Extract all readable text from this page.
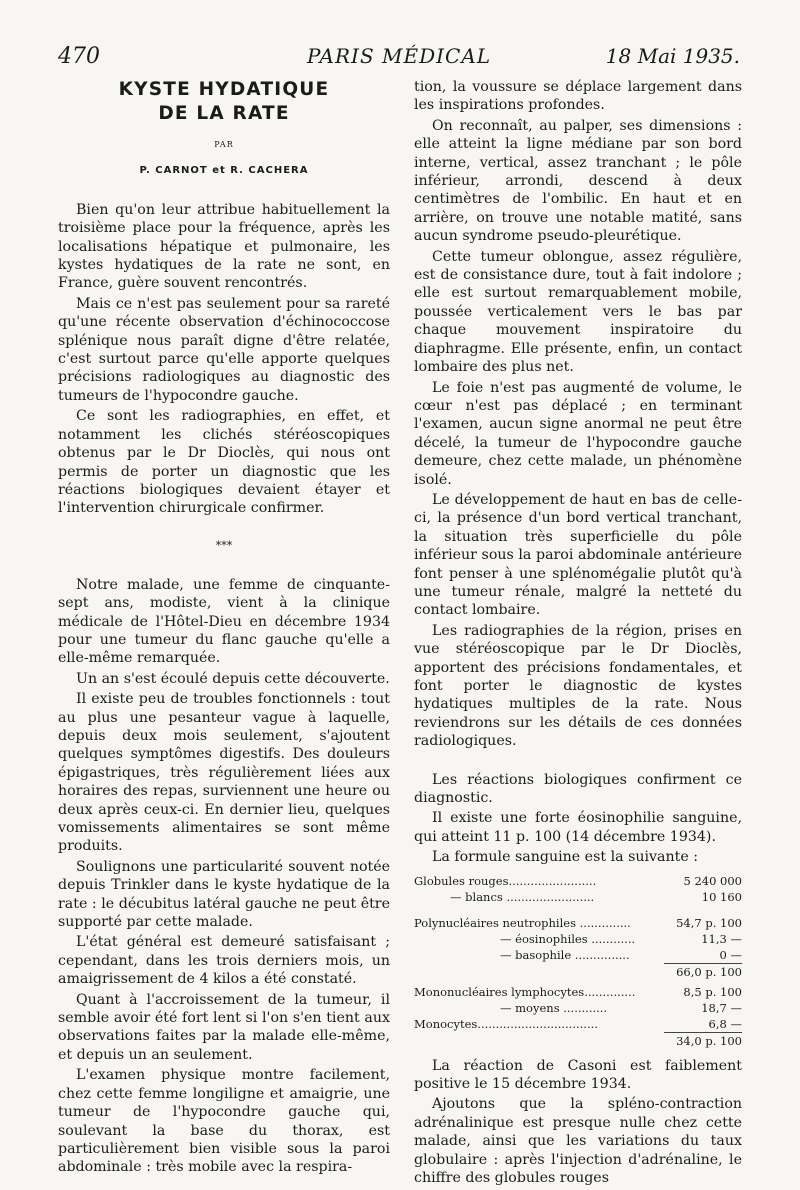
470	PARIS MÉDICAL	18 Mai 1935.
KYSTE HYDATIQUE
DE LA RATE
PAR
P. CARNOT et R. CACHERA

Bien qu'on leur attribue habituellement la troisième place pour la fréquence, après les localisations hépatique et pulmonaire, les kystes hydatiques de la rate ne sont, en France, guère souvent rencontrés.

Mais ce n'est pas seulement pour sa rareté qu'une récente observation d'échinococcose splénique nous paraît digne d'être relatée, c'est surtout parce qu'elle apporte quelques précisions radiologiques au diagnostic des tumeurs de l'hypocondre gauche.

Ce sont les radiographies, en effet, et notamment les clichés stéréoscopiques obtenus par le Dr Dioclès, qui nous ont permis de porter un diagnostic que les réactions biologiques devaient étayer et l'intervention chirurgicale confirmer.

***

Notre malade, une femme de cinquante-sept ans, modiste, vient à la clinique médicale de l'Hôtel-Dieu en décembre 1934 pour une tumeur du flanc gauche qu'elle a elle-même remarquée.

Un an s'est écoulé depuis cette découverte.

Il existe peu de troubles fonctionnels : tout au plus une pesanteur vague à laquelle, depuis deux mois seulement, s'ajoutent quelques symptômes digestifs. Des douleurs épigastriques, très régulièrement liées aux horaires des repas, surviennent une heure ou deux après ceux-ci. En dernier lieu, quelques vomissements alimentaires se sont même produits.

Soulignons une particularité souvent notée depuis Trinkler dans le kyste hydatique de la rate : le décubitus latéral gauche ne peut être supporté par cette malade.

L'état général est demeuré satisfaisant ; cependant, dans les trois derniers mois, un amaigrissement de 4 kilos a été constaté.

Quant à l'accroissement de la tumeur, il semble avoir été fort lent si l'on s'en tient aux observations faites par la malade elle-même, et depuis un an seulement.

L'examen physique montre facilement, chez cette femme longiligne et amaigrie, une tumeur de l'hypocondre gauche qui, soulevant la base du thorax, est particulièrement bien visible sous la paroi abdominale : très mobile avec la respira-

tion, la voussure se déplace largement dans les inspirations profondes.

On reconnaît, au palper, ses dimensions : elle atteint la ligne médiane par son bord interne, vertical, assez tranchant ; le pôle inférieur, arrondi, descend à deux centimètres de l'ombilic. En haut et en arrière, on trouve une notable matité, sans aucun syndrome pseudo-pleurétique.

Cette tumeur oblongue, assez régulière, est de consistance dure, tout à fait indolore ; elle est surtout remarquablement mobile, poussée verticalement vers le bas par chaque mouvement inspiratoire du diaphragme. Elle présente, enfin, un contact lombaire des plus net.

Le foie n'est pas augmenté de volume, le cœur n'est pas déplacé ; en terminant l'examen, aucun signe anormal ne peut être décelé, la tumeur de l'hypocondre gauche demeure, chez cette malade, un phénomène isolé.

Le développement de haut en bas de celle-ci, la présence d'un bord vertical tranchant, la situation très superficielle du pôle inférieur sous la paroi abdominale antérieure font penser à une splénomégalie plutôt qu'à une tumeur rénale, malgré la netteté du contact lombaire.

Les radiographies de la région, prises en vue stéréoscopique par le Dr Dioclès, apportent des précisions fondamentales, et font porter le diagnostic de kystes hydatiques multiples de la rate. Nous reviendrons sur les détails de ces données radiologiques.

Les réactions biologiques confirment ce diagnostic.

Il existe une forte éosinophilie sanguine, qui atteint 11 p. 100 (14 décembre 1934).

La formule sanguine est la suivante :

Globules rouges........................	5 240 000
— blancs ........................	10 160

Polynucléaires neutrophiles ..............	54,7 p. 100
— éosinophiles ............	11,3 —
— basophile ...............	0 —
	66,0 p. 100
Mononucléaires lymphocytes..............	8,5 p. 100
— moyens ............	18,7 —
Monocytes.................................	6,8 —
	34,0 p. 100

La réaction de Casoni est faiblement positive le 15 décembre 1934.

Ajoutons que la spléno-contraction adrénalinique est presque nulle chez cette malade, ainsi que les variations du taux globulaire : après l'injection d'adrénaline, le chiffre des globules rouges
